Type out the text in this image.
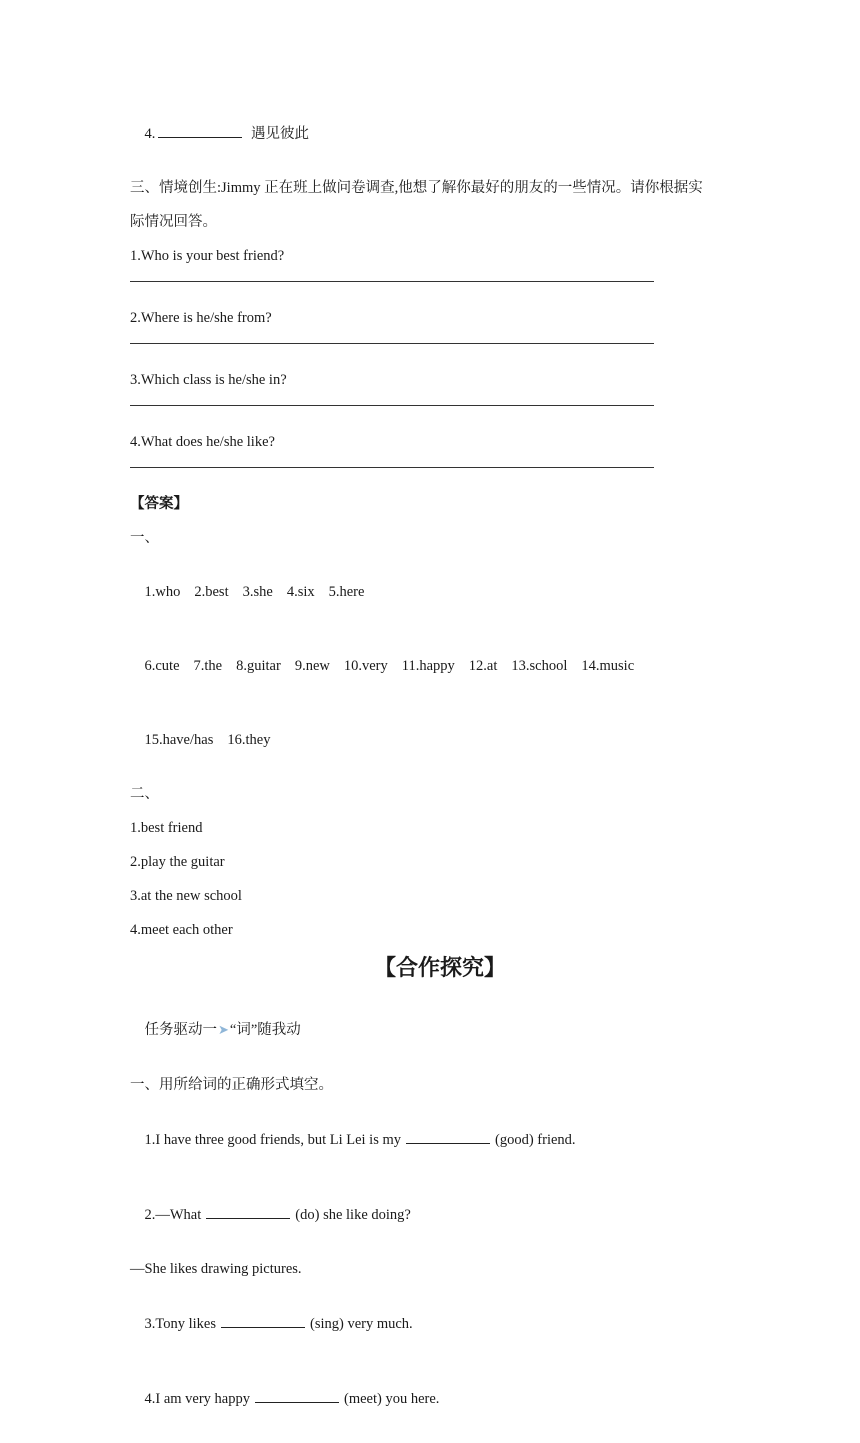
4.	遇见彼此

三、情境创生:Jimmy 正在班上做问卷调查,他想了解你最好的朋友的一些情况。请你根据实
际情况回答。
1.Who is your best friend?
2.Where is he/she from?
3.Which class is he/she in?
4.What does he/she like?
【答案】
一、

1.who 2.best 3.she 4.six 5.here

6.cute 7.the 8.guitar 9.new 10.very 11.happy 12.at 13.school 14.music

15.have/has 16.they

二、
1.best friend
2.play the guitar
3.at the new school
4.meet each other
【合作探究】

任务驱动一➤“词”随我动

一、用所给词的正确形式填空。

1.I have three good friends, but Li Lei is my	(good) friend.

2.—What	(do) she like doing?

—She likes drawing pictures.

3.Tony likes	(sing) very much.

4.I am very happy	(meet) you here.
